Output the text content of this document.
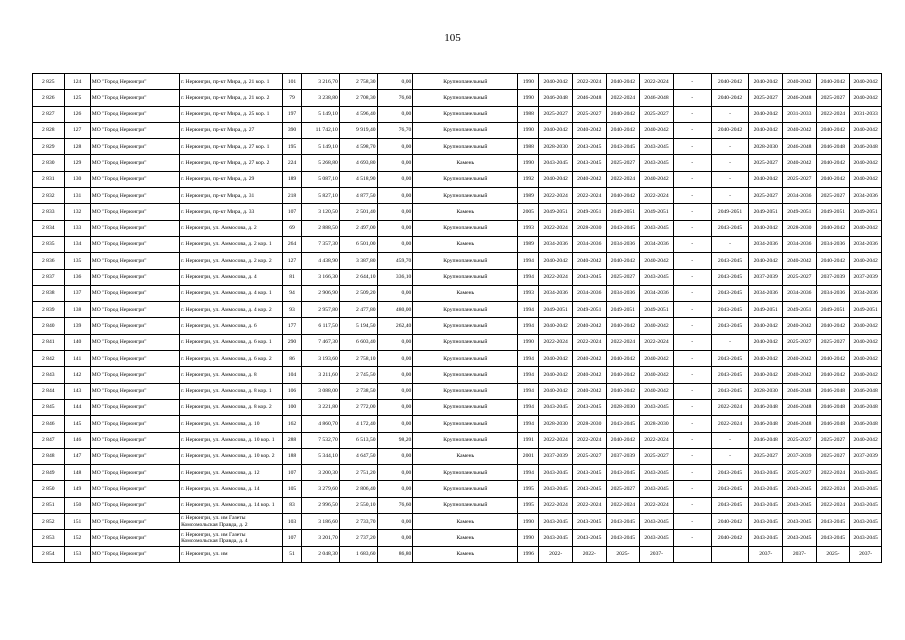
105
2 825	124	МО "Город Нерюнгри"	г. Нерюнгри, пр-кт Мира, д. 21 кор. 1	101	3 216,70	2 758,30	0,00	Крупнопанельный	1990	2040-2042	2022-2024	2040-2042	2022-2024	-	2040-2042	2040-2042	2040-2042	2040-2042	2040-2042
2 826	125	МО "Город Нерюнгри"	г. Нерюнгри, пр-кт Мира, д. 21 кор. 2	79	3 238,80	2 708,30	76,60	Крупнопанельный	1990	2046-2048	2046-2048	2022-2024	2046-2048	-	2040-2042	2025-2027	2046-2048	2025-2027	2040-2042
2 827	126	МО "Город Нерюнгри"	г. Нерюнгри, пр-кт Мира, д. 25 кор. 1	197	5 149,10	4 596,40	0,00	Крупнопанельный	1988	2025-2027	2025-2027	2040-2042	2025-2027	-	-	2040-2042	2031-2033	2022-2024	2031-2033
2 828	127	МО "Город Нерюнгри"	г. Нерюнгри, пр-кт Мира, д. 27	390	11 742,10	9 919,40	76,70	Крупнопанельный	1990	2040-2042	2040-2042	2040-2042	2040-2042	-	2040-2042	2040-2042	2040-2042	2040-2042	2040-2042
2 829	128	МО "Город Нерюнгри"	г. Нерюнгри, пр-кт Мира, д. 27 кор. 1	195	5 149,10	4 598,70	0,00	Крупнопанельный	1988	2028-2030	2043-2045	2043-2045	2043-2045	-	-	2028-2030	2046-2048	2046-2048	2046-2048
2 830	129	МО "Город Нерюнгри"	г. Нерюнгри, пр-кт Мира, д. 27 кор. 2	224	5 268,80	4 693,80	0,00	Камень	1990	2043-2045	2043-2045	2025-2027	2043-2045	-	-	2025-2027	2040-2042	2040-2042	2040-2042
2 831	130	МО "Город Нерюнгри"	г. Нерюнгри, пр-кт Мира, д. 29	189	5 087,10	4 518,90	0,00	Крупнопанельный	1992	2040-2042	2040-2042	2022-2024	2040-2042	-	-	2040-2042	2025-2027	2040-2042	2040-2042
2 832	131	МО "Город Нерюнгри"	г. Нерюнгри, пр-кт Мира, д. 31	218	5 827,10	4 877,50	0,00	Крупнопанельный	1989	2022-2024	2022-2024	2040-2042	2022-2024	-	-	2025-2027	2034-2036	2025-2027	2034-2036
2 833	132	МО "Город Нерюнгри"	г. Нерюнгри, пр-кт Мира, д. 33	107	3 120,50	2 501,40	0,00	Камень	2005	2049-2051	2049-2051	2049-2051	2049-2051	-	2049-2051	2049-2051	2049-2051	2049-2051	2049-2051
2 834	133	МО "Город Нерюнгри"	г. Нерюнгри, ул. Аммосова, д. 2	69	2 888,50	2 497,00	0,00	Крупнопанельный	1993	2022-2024	2028-2030	2043-2045	2043-2045	-	2043-2045	2040-2042	2028-2030	2040-2042	2040-2042
2 835	134	МО "Город Нерюнгри"	г. Нерюнгри, ул. Аммосова, д. 2 кор. 1	264	7 357,30	6 501,00	0,00	Камень	1989	2034-2036	2034-2036	2034-2036	2034-2036	-	-	2034-2036	2034-2036	2034-2036	2034-2036
2 836	135	МО "Город Нерюнгри"	г. Нерюнгри, ул. Аммосова, д. 2 кор. 2	127	4 438,90	3 387,80	459,70	Крупнопанельный	1994	2040-2042	2040-2042	2040-2042	2040-2042	-	2043-2045	2040-2042	2040-2042	2040-2042	2040-2042
2 837	136	МО "Город Нерюнгри"	г. Нерюнгри, ул. Аммосова, д. 4	81	3 166,30	2 644,10	336,10	Крупнопанельный	1994	2022-2024	2043-2045	2025-2027	2043-2045	-	2043-2045	2037-2039	2025-2027	2037-2039	2037-2039
2 838	137	МО "Город Нерюнгри"	г. Нерюнгри, ул. Аммосова, д. 4 кор. 1	94	2 906,90	2 509,20	0,00	Камень	1993	2034-2036	2034-2036	2034-2036	2034-2036	-	2043-2045	2034-2036	2034-2036	2034-2036	2034-2036
2 839	138	МО "Город Нерюнгри"	г. Нерюнгри, ул. Аммосова, д. 4 кор. 2	93	2 957,80	2 477,80	480,00	Крупнопанельный	1994	2049-2051	2049-2051	2049-2051	2049-2051	-	2043-2045	2049-2051	2049-2051	2049-2051	2049-2051
2 840	139	МО "Город Нерюнгри"	г. Нерюнгри, ул. Аммосова, д. 6	177	6 117,50	5 194,50	262,40	Крупнопанельный	1994	2040-2042	2040-2042	2040-2042	2040-2042	-	2043-2045	2040-2042	2040-2042	2040-2042	2040-2042
2 841	140	МО "Город Нерюнгри"	г. Нерюнгри, ул. Аммосова, д. 6 кор. 1	290	7 467,30	6 603,40	0,00	Крупнопанельный	1990	2022-2024	2022-2024	2022-2024	2022-2024	-	-	2040-2042	2025-2027	2025-2027	2040-2042
2 842	141	МО "Город Нерюнгри"	г. Нерюнгри, ул. Аммосова, д. 6 кор. 2	86	3 193,60	2 758,10	0,00	Крупнопанельный	1994	2040-2042	2040-2042	2040-2042	2040-2042	-	2043-2045	2040-2042	2040-2042	2040-2042	2040-2042
2 843	142	МО "Город Нерюнгри"	г. Нерюнгри, ул. Аммосова, д. 8	104	3 211,60	2 745,50	0,00	Крупнопанельный	1994	2040-2042	2040-2042	2040-2042	2040-2042	-	2043-2045	2040-2042	2040-2042	2040-2042	2040-2042
2 844	143	МО "Город Нерюнгри"	г. Нерюнгри, ул. Аммосова, д. 8 кор. 1	106	3 088,00	2 738,50	0,00	Крупнопанельный	1994	2040-2042	2040-2042	2040-2042	2040-2042	-	2043-2045	2028-2030	2046-2048	2046-2048	2046-2048
2 845	144	МО "Город Нерюнгри"	г. Нерюнгри, ул. Аммосова, д. 8 кор. 2	100	3 221,80	2 772,00	0,00	Крупнопанельный	1994	2043-2045	2043-2045	2028-2030	2043-2045	-	2022-2024	2046-2048	2046-2048	2046-2048	2046-2048
2 846	145	МО "Город Нерюнгри"	г. Нерюнгри, ул. Аммосова, д. 10	162	4 860,70	4 172,40	0,00	Крупнопанельный	1994	2028-2030	2028-2030	2043-2045	2028-2030	-	2022-2024	2046-2048	2046-2048	2046-2048	2046-2048
2 847	146	МО "Город Нерюнгри"	г. Нерюнгри, ул. Аммосова, д. 10 кор. 1	288	7 532,70	6 513,50	98,20	Крупнопанельный	1991	2022-2024	2022-2024	2040-2042	2022-2024	-	-	2046-2048	2025-2027	2025-2027	2040-2042
2 848	147	МО "Город Нерюнгри"	г. Нерюнгри, ул. Аммосова, д. 10 кор. 2	188	5 344,10	4 647,50	0,00	Камень	2001	2037-2039	2025-2027	2037-2039	2025-2027	-	-	2025-2027	2037-2039	2025-2027	2037-2039
2 849	148	МО "Город Нерюнгри"	г. Нерюнгри, ул. Аммосова, д. 12	107	3 200,30	2 751,20	0,00	Крупнопанельный	1994	2043-2045	2043-2045	2043-2045	2043-2045	-	2043-2045	2043-2045	2025-2027	2022-2024	2043-2045
2 850	149	МО "Город Нерюнгри"	г. Нерюнгри, ул. Аммосова, д. 14	105	3 279,60	2 806,40	0,00	Крупнопанельный	1995	2043-2045	2043-2045	2025-2027	2043-2045	-	2043-2045	2043-2045	2043-2045	2022-2024	2043-2045
2 851	150	МО "Город Нерюнгри"	г. Нерюнгри, ул. Аммосова, д. 14 кор. 1	83	2 996,50	2 550,10	76,60	Крупнопанельный	1995	2022-2024	2022-2024	2022-2024	2022-2024	-	2043-2045	2043-2045	2043-2045	2022-2024	2043-2045
2 852	151	МО "Город Нерюнгри"	г. Нерюнгри, ул. им Газеты Комсомольская Правда, д. 2	103	3 186,60	2 733,70	0,00	Камень	1990	2043-2045	2043-2045	2043-2045	2043-2045	-	2040-2042	2043-2045	2043-2045	2043-2045	2043-2045
2 853	152	МО "Город Нерюнгри"	г. Нерюнгри, ул. им Газеты Комсомольская Правда, д. 4	107	3 201,70	2 737,20	0,00	Камень	1990	2043-2045	2043-2045	2043-2045	2043-2045	-	2040-2042	2043-2045	2043-2045	2043-2045	2043-2045
2 854	153	МО "Город Нерюнгри"	г. Нерюнгри, ул. им	51	2 048,30	1 683,60	86,80	Камень	1996	2022-	2022-	2025-	2037-			2037-	2037-	2025-	2037-
